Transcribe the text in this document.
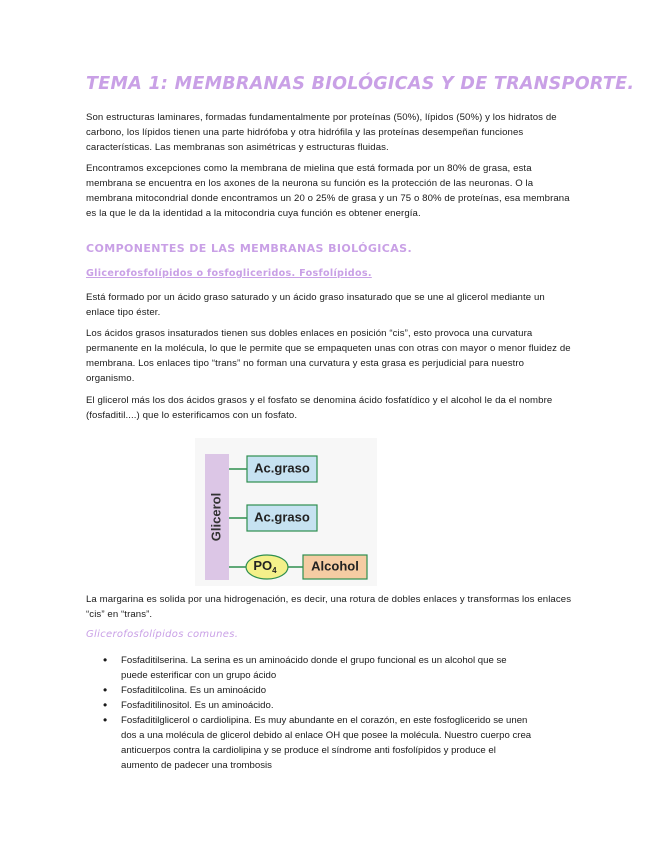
TEMA 1: MEMBRANAS BIOLÓGICAS Y DE TRANSPORTE.
Son estructuras laminares, formadas fundamentalmente por proteínas (50%), lípidos (50%) y los hidratos de carbono, los lípidos tienen una parte hidrófoba y otra hidrófila y las proteínas desempeñan funciones características. Las membranas son asimétricas y estructuras fluidas.
Encontramos excepciones como la membrana de mielina que está formada por un 80% de grasa, esta membrana se encuentra en los axones de la neurona su función es la protección de las neuronas. O la membrana mitocondrial donde encontramos un 20 o 25% de grasa y un 75 o 80% de proteínas, esa membrana es la que le da la identidad a la mitocondria cuya función es obtener energía.
COMPONENTES DE LAS MEMBRANAS BIOLÓGICAS.
Glicerofosfolípidos o fosfogliceridos. Fosfolípidos.
Está formado por un ácido graso saturado y un ácido graso insaturado que se une al glicerol mediante un enlace tipo éster.
Los ácidos grasos insaturados tienen sus dobles enlaces en posición “cis”, esto provoca una curvatura permanente en la molécula, lo que le permite que se empaqueten unas con otras con mayor o menor fluidez de membrana. Los enlaces tipo “trans” no forman una curvatura y esta grasa es perjudicial para nuestro organismo.
El glicerol más los dos ácidos grasos y el fosfato se denomina ácido fosfatídico y el alcohol le da el nombre (fosfaditil....) que lo esterificamos con un fosfato.
Glicerol
Ac.graso
Ac.graso
$PO_4$	Alcohol
La margarina es solida por una hidrogenación, es decir, una rotura de dobles enlaces y transformas los enlaces “cis” en “trans”.
Glicerofosfolípidos comunes.
• Fosfaditilserina. La serina es un aminoácido donde el grupo funcional es un alcohol que se puede esterificar con un grupo ácido
• Fosfaditilcolina. Es un aminoácido
• Fosfaditilinositol. Es un aminoácido.
• Fosfaditilglicerol o cardiolipina. Es muy abundante en el corazón, en este fosfoglicerido se unen dos a una molécula de glicerol debido al enlace OH que posee la molécula. Nuestro cuerpo crea anticuerpos contra la cardiolipina y se produce el síndrome anti fosfolípidos y produce el aumento de padecer una trombosis
